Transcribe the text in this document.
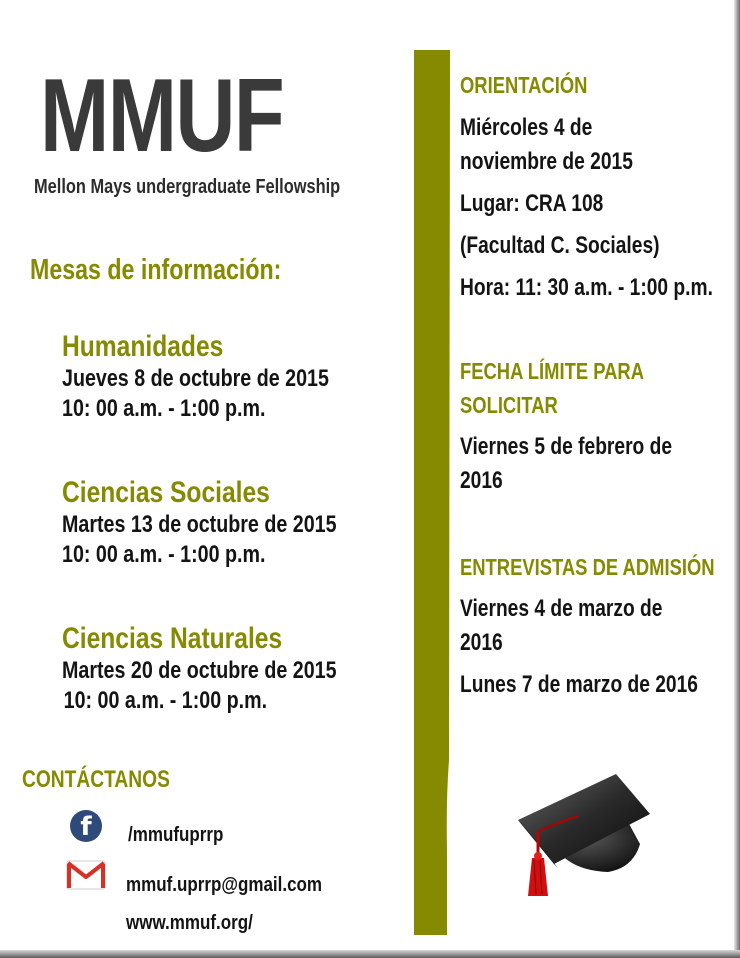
MMUF
Mellon Mays undergraduate Fellowship
Mesas de información:
Humanidades
Jueves 8 de octubre de 2015
10: 00 a.m. - 1:00 p.m.
Ciencias Sociales
Martes 13 de octubre de 2015
10: 00 a.m. - 1:00 p.m.
Ciencias Naturales
Martes 20 de octubre de 2015
10: 00 a.m. - 1:00 p.m.
CONTÁCTANOS
f	/mmufuprrp
mmuf.uprrp@gmail.com
www.mmuf.org/
ORIENTACIÓN
Miércoles 4 de
noviembre de 2015
Lugar: CRA 108
(Facultad C. Sociales)
Hora: 11: 30 a.m. - 1:00 p.m.
FECHA LÍMITE PARA
SOLICITAR
Viernes 5 de febrero de
2016
ENTREVISTAS DE ADMISIÓN
Viernes 4 de marzo de
2016
Lunes 7 de marzo de 2016
